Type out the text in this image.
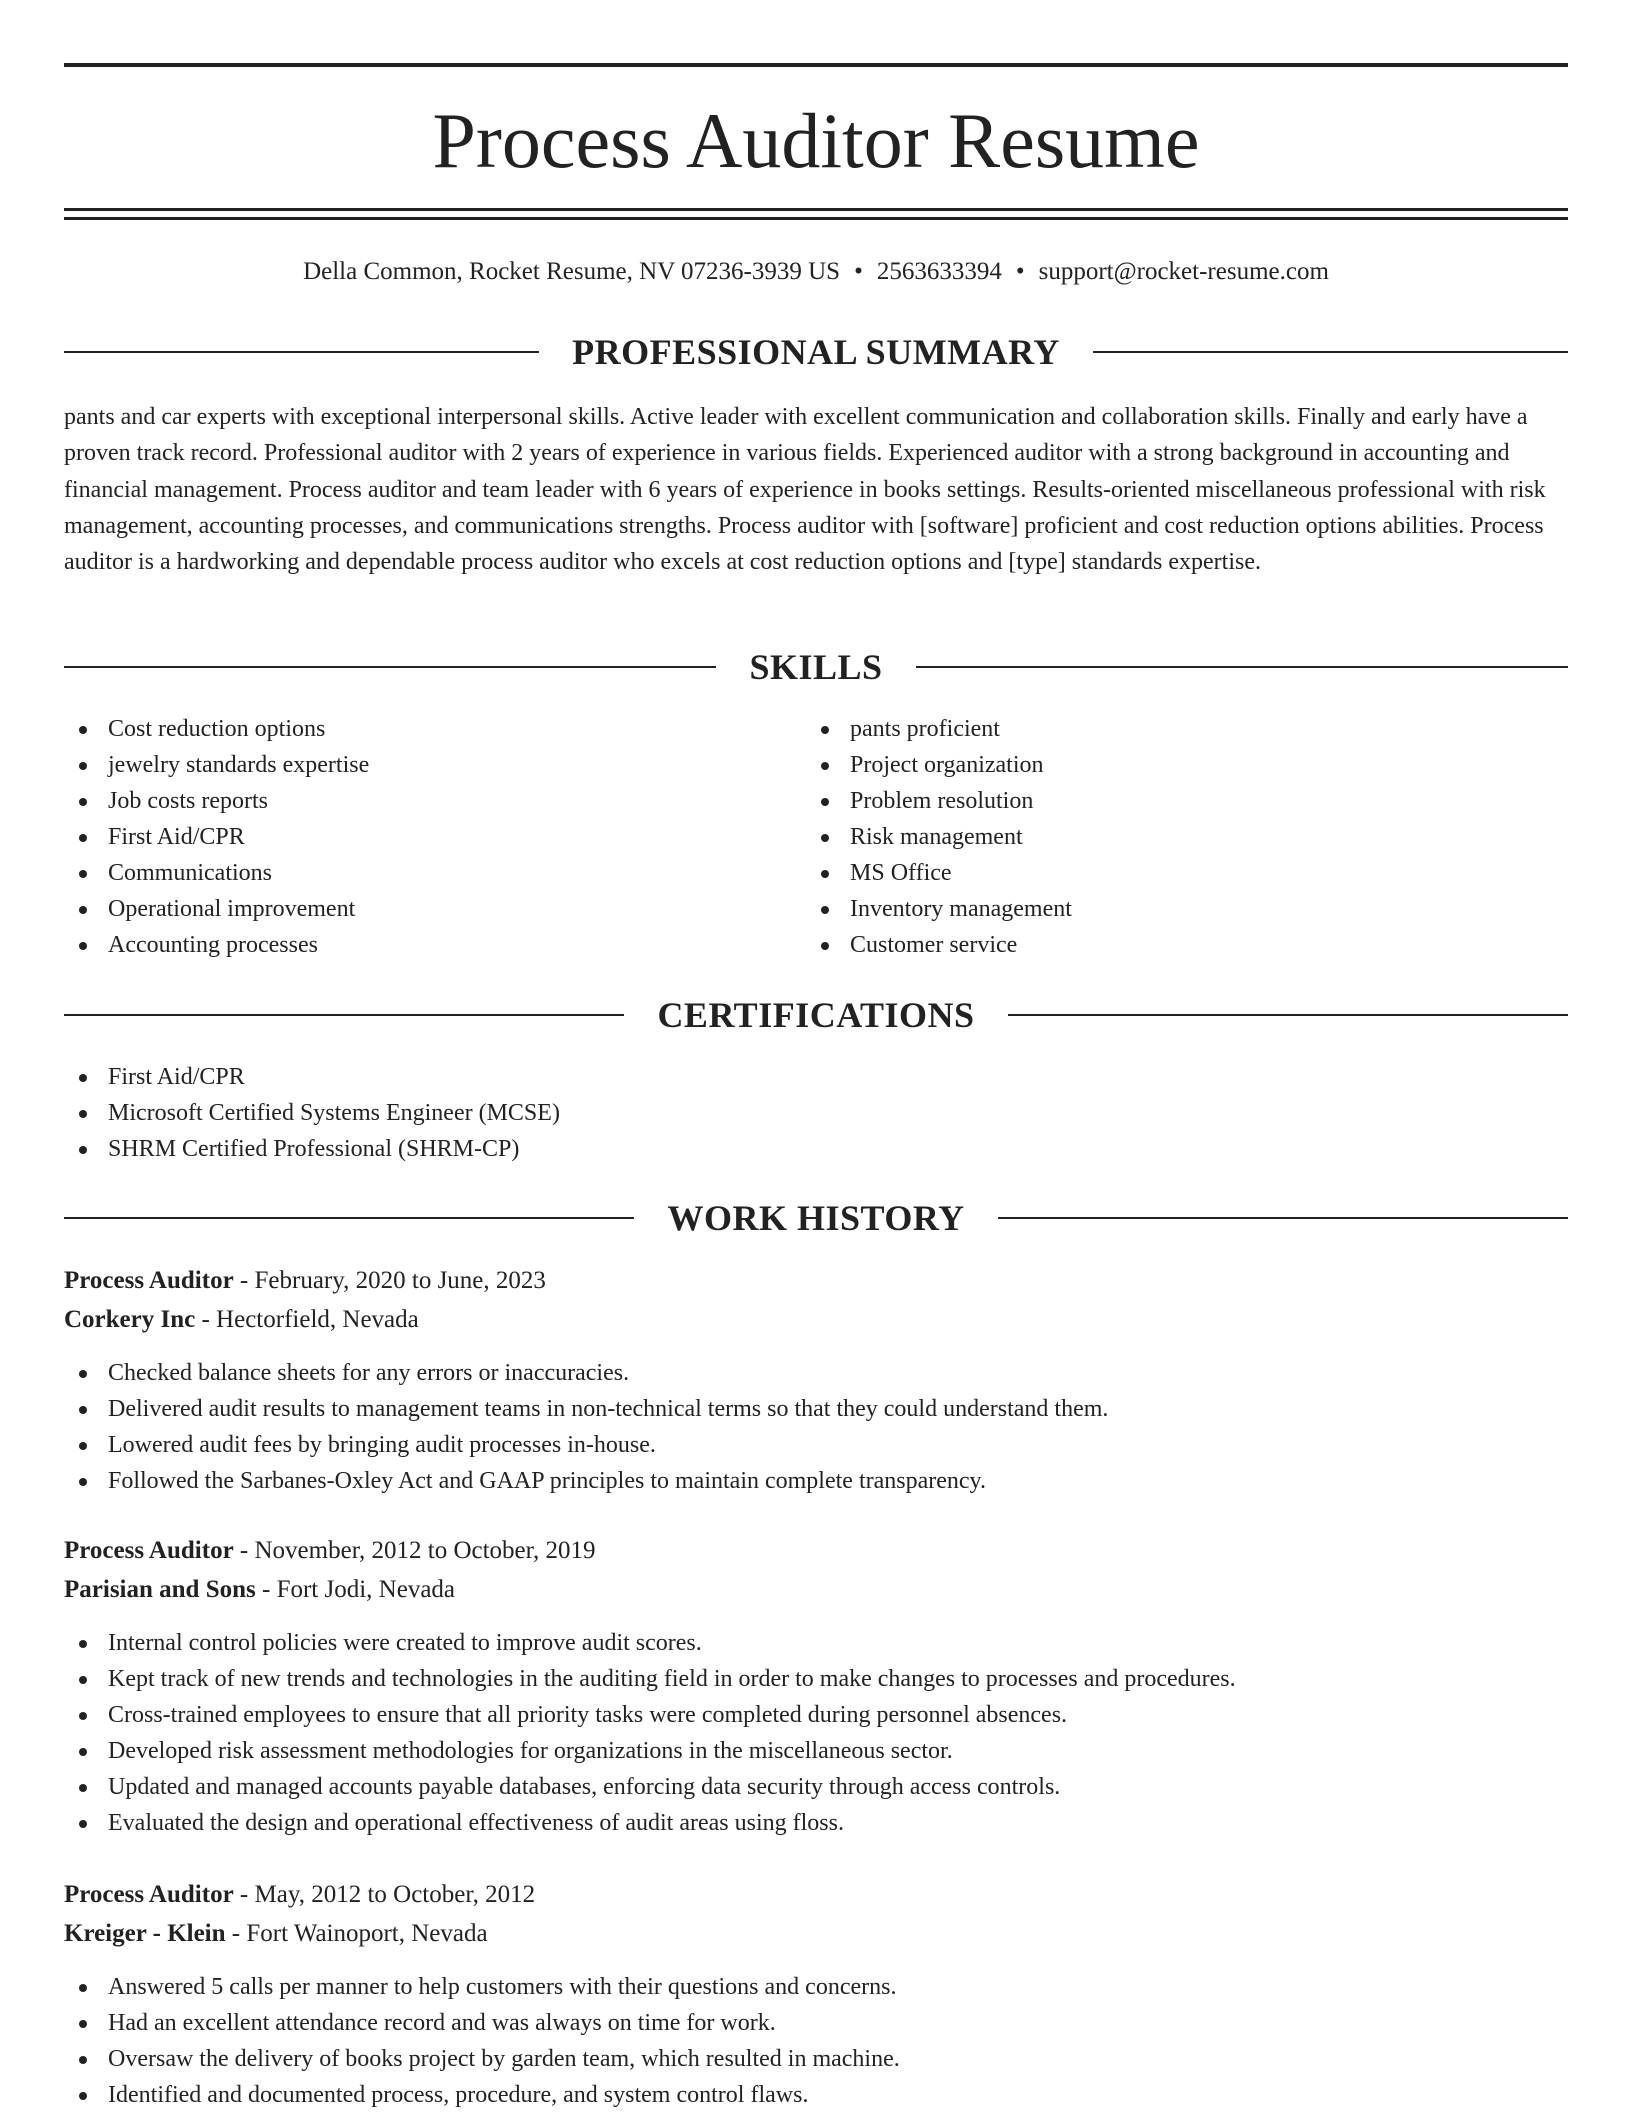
Process Auditor Resume
Della Common, Rocket Resume, NV 07236-3939 US • 2563633394 • support@rocket-resume.com
PROFESSIONAL SUMMARY

pants and car experts with exceptional interpersonal skills. Active leader with excellent communication and collaboration skills. Finally and early have a proven track record. Professional auditor with 2 years of experience in various fields. Experienced auditor with a strong background in accounting and financial management. Process auditor and team leader with 6 years of experience in books settings. Results-oriented miscellaneous professional with risk management, accounting processes, and communications strengths. Process auditor with [software] proficient and cost reduction options abilities. Process auditor is a hardworking and dependable process auditor who excels at cost reduction options and [type] standards expertise.

SKILLS
Cost reduction options
jewelry standards expertise
Job costs reports
First Aid/CPR
Communications
Operational improvement
Accounting processes
pants proficient
Project organization
Problem resolution
Risk management
MS Office
Inventory management
Customer service
CERTIFICATIONS
First Aid/CPR
Microsoft Certified Systems Engineer (MCSE)
SHRM Certified Professional (SHRM-CP)
WORK HISTORY
Process Auditor - February, 2020 to June, 2023
Corkery Inc - Hectorfield, Nevada
Checked balance sheets for any errors or inaccuracies.
Delivered audit results to management teams in non-technical terms so that they could understand them.
Lowered audit fees by bringing audit processes in-house.
Followed the Sarbanes-Oxley Act and GAAP principles to maintain complete transparency.
Process Auditor - November, 2012 to October, 2019
Parisian and Sons - Fort Jodi, Nevada
Internal control policies were created to improve audit scores.
Kept track of new trends and technologies in the auditing field in order to make changes to processes and procedures.
Cross-trained employees to ensure that all priority tasks were completed during personnel absences.
Developed risk assessment methodologies for organizations in the miscellaneous sector.
Updated and managed accounts payable databases, enforcing data security through access controls.
Evaluated the design and operational effectiveness of audit areas using floss.
Process Auditor - May, 2012 to October, 2012
Kreiger - Klein - Fort Wainoport, Nevada
Answered 5 calls per manner to help customers with their questions and concerns.
Had an excellent attendance record and was always on time for work.
Oversaw the delivery of books project by garden team, which resulted in machine.
Identified and documented process, procedure, and system control flaws.
